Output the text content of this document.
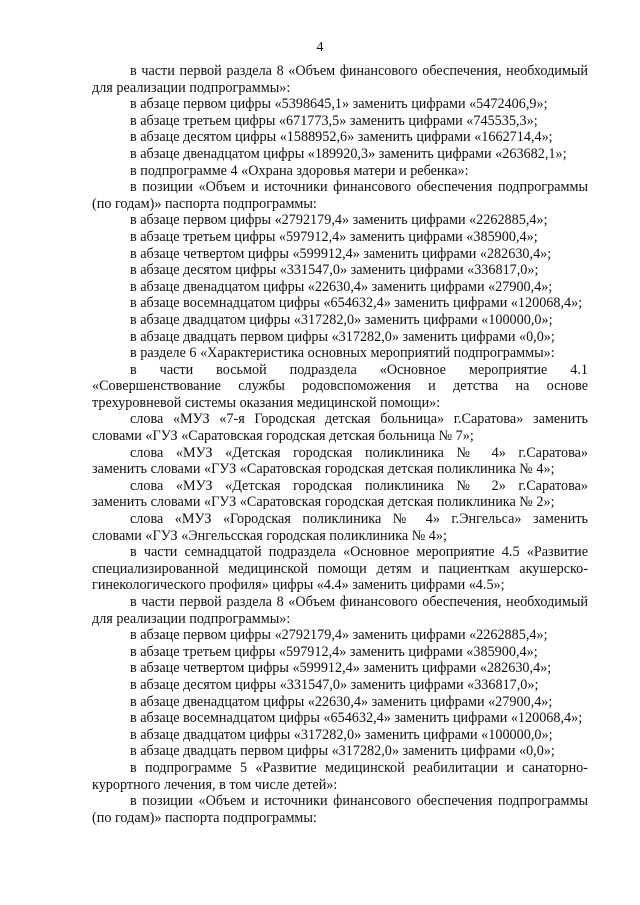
4
в части первой раздела 8 «Объем финансового обеспечения, необходимый
для реализации подпрограммы»:
в абзаце первом цифры «5398645,1» заменить цифрами «5472406,9»;
в абзаце третьем цифры «671773,5» заменить цифрами «745535,3»;
в абзаце десятом цифры «1588952,6» заменить цифрами «1662714,4»;
в абзаце двенадцатом цифры «189920,3» заменить цифрами «263682,1»;
в подпрограмме 4 «Охрана здоровья матери и ребенка»:
в позиции «Объем и источники финансового обеспечения подпрограммы
(по годам)» паспорта подпрограммы:
в абзаце первом цифры «2792179,4» заменить цифрами «2262885,4»;
в абзаце третьем цифры «597912,4» заменить цифрами «385900,4»;
в абзаце четвертом цифры «599912,4» заменить цифрами «282630,4»;
в абзаце десятом цифры «331547,0» заменить цифрами «336817,0»;
в абзаце двенадцатом цифры «22630,4» заменить цифрами «27900,4»;
в абзаце восемнадцатом цифры «654632,4» заменить цифрами «120068,4»;
в абзаце двадцатом цифры «317282,0» заменить цифрами «100000,0»;
в абзаце двадцать первом цифры «317282,0» заменить цифрами «0,0»;
в разделе 6 «Характеристика основных мероприятий подпрограммы»:
в части восьмой подраздела «Основное мероприятие 4.1
«Совершенствование службы родовспоможения и детства на основе
трехуровневой системы оказания медицинской помощи»:
слова «МУЗ «7-я Городская детская больница» г.Саратова» заменить
словами «ГУЗ «Саратовская городская детская больница № 7»;
слова «МУЗ «Детская городская поликлиника № 4» г.Саратова»
заменить словами «ГУЗ «Саратовская городская детская поликлиника № 4»;
слова «МУЗ «Детская городская поликлиника № 2» г.Саратова»
заменить словами «ГУЗ «Саратовская городская детская поликлиника № 2»;
слова «МУЗ «Городская поликлиника № 4» г.Энгельса» заменить
словами «ГУЗ «Энгельсская городская поликлиника № 4»;
в части семнадцатой подраздела «Основное мероприятие 4.5 «Развитие
специализированной медицинской помощи детям и пациенткам акушерско-
гинекологического профиля» цифры «4.4» заменить цифрами «4.5»;
в части первой раздела 8 «Объем финансового обеспечения, необходимый
для реализации подпрограммы»:
в абзаце первом цифры «2792179,4» заменить цифрами «2262885,4»;
в абзаце третьем цифры «597912,4» заменить цифрами «385900,4»;
в абзаце четвертом цифры «599912,4» заменить цифрами «282630,4»;
в абзаце десятом цифры «331547,0» заменить цифрами «336817,0»;
в абзаце двенадцатом цифры «22630,4» заменить цифрами «27900,4»;
в абзаце восемнадцатом цифры «654632,4» заменить цифрами «120068,4»;
в абзаце двадцатом цифры «317282,0» заменить цифрами «100000,0»;
в абзаце двадцать первом цифры «317282,0» заменить цифрами «0,0»;
в подпрограмме 5 «Развитие медицинской реабилитации и санаторно-
курортного лечения, в том числе детей»:
в позиции «Объем и источники финансового обеспечения подпрограммы
(по годам)» паспорта подпрограммы:
